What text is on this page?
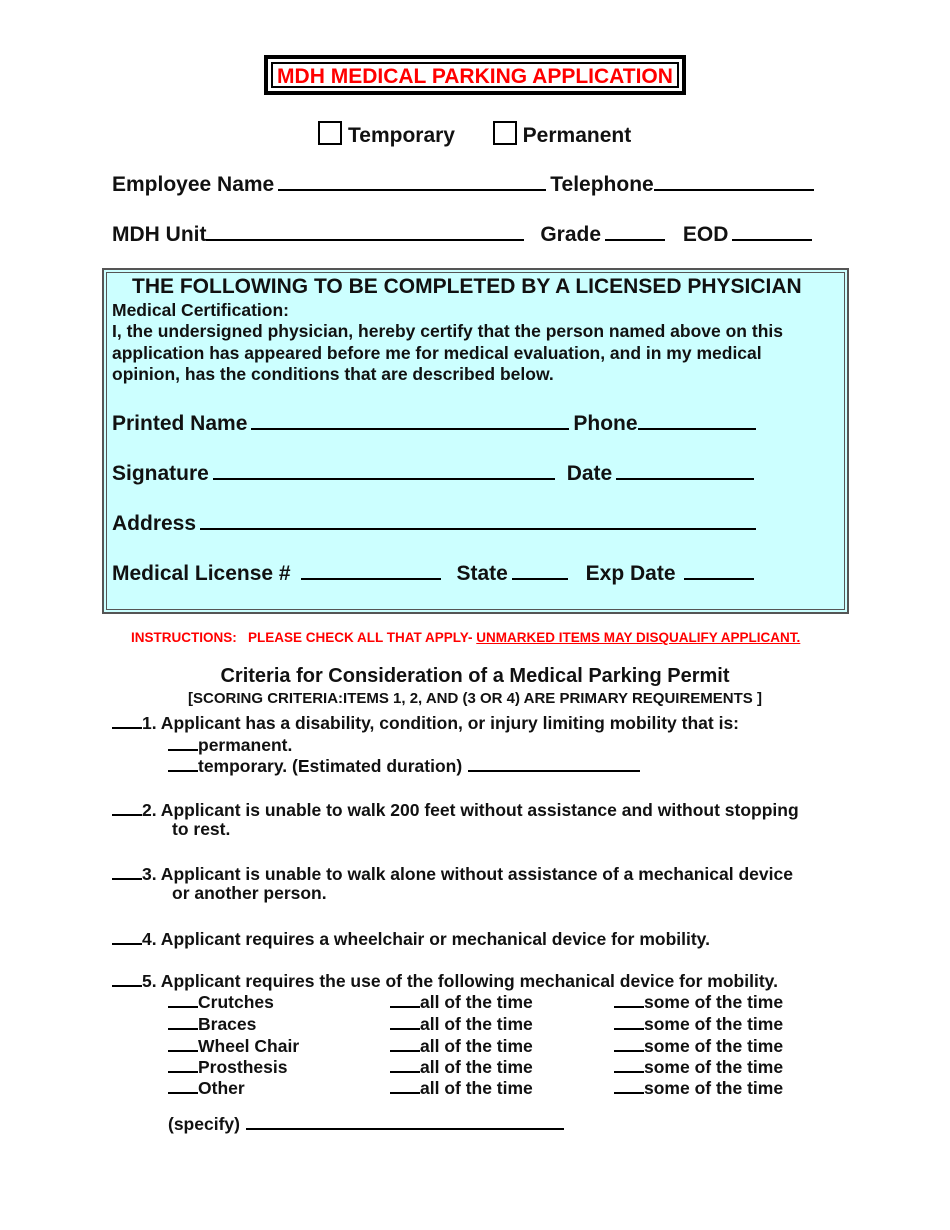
MDH MEDICAL PARKING APPLICATION
Temporary	Permanent
Employee Name	Telephone
MDH Unit	Grade	EOD
THE FOLLOWING TO BE COMPLETED BY A LICENSED PHYSICIAN
Medical Certification:
I, the undersigned physician, hereby certify that the person named above on this
application has appeared before me for medical evaluation, and in my medical
opinion, has the conditions that are described below.
Printed Name	Phone
Signature	Date
Address
Medical License #	State	Exp Date
INSTRUCTIONS:   PLEASE CHECK ALL THAT APPLY- UNMARKED ITEMS MAY DISQUALIFY APPLICANT.
Criteria for Consideration of a Medical Parking Permit
[SCORING CRITERIA:ITEMS 1, 2, AND (3 OR 4) ARE PRIMARY REQUIREMENTS ]
1. Applicant has a disability, condition, or injury limiting mobility that is:
permanent.
temporary. (Estimated duration)
2. Applicant is unable to walk 200 feet without assistance and without stopping
to rest.
3. Applicant is unable to walk alone without assistance of a mechanical device
or another person.
4. Applicant requires a wheelchair or mechanical device for mobility.
5. Applicant requires the use of the following mechanical device for mobility.
Crutches	all of the time	some of the time
Braces	all of the time	some of the time
Wheel Chair	all of the time	some of the time
Prosthesis	all of the time	some of the time
Other	all of the time	some of the time
(specify)
